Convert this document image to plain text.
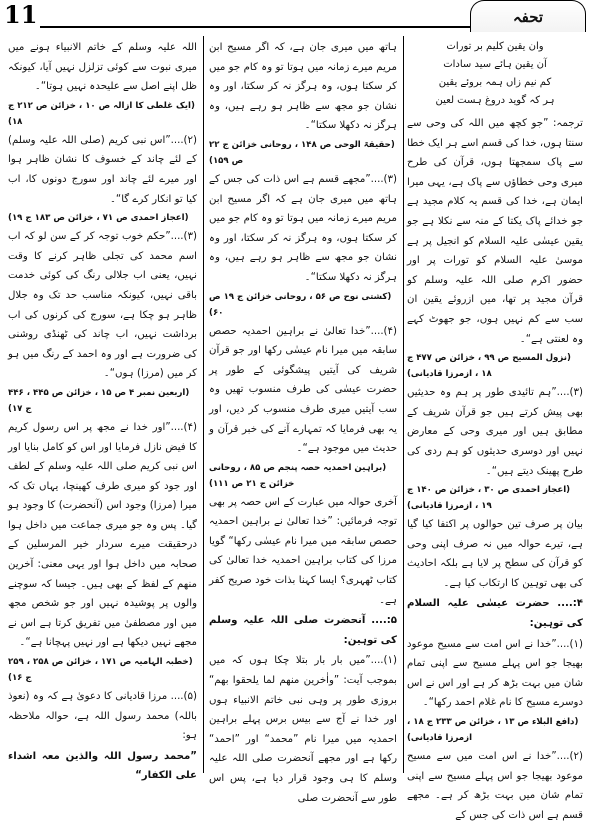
11	تحفہ
وان یقین کلیم بر تورات
آن یقین ہائے سید سادات
کم نیم زاں ہمہ بروئے یقین
ہر کہ گوید دروغ ہست لعین

ترجمہ: ”جو کچھ میں اللہ کی وحی سے سنتا ہوں، خدا کی قسم اسے ہر ایک خطا سے پاک سمجھتا ہوں، قرآن کی طرح میری وحی خطاؤں سے پاک ہے، یہی میرا ایمان ہے، خدا کی قسم یہ کلام مجید ہے جو خدائے پاک یکتا کے منہ سے نکلا ہے جو یقین عیسٰی علیہ السلام کو انجیل پر ہے موسیٰ علیہ السلام کو تورات پر اور حضور اکرم صلی اللہ علیہ وسلم کو قرآن مجید پر تھا، میں ازروئے یقین ان سب سے کم نہیں ہوں، جو جھوٹ کہے وہ لعنتی ہے“۔

(نزول المسیح ص ۹۹ ، خزائن ص ۴۷۷ ج ۱۸ ، ازمرزا قادیانی)

(۳)....”ہم تائیدی طور پر ہم وہ حدیثیں بھی پیش کرتے ہیں جو قرآن شریف کے مطابق ہیں اور میری وحی کے معارض نہیں اور دوسری حدیثوں کو ہم ردی کی طرح پھینک دیتے ہیں“۔

(اعجاز احمدی ص ۳۰ ، خزائن ص ۱۴۰ ج ۱۹ ، ازمرزا قادیانی)

بیان پر صرف تین حوالوں پر اکتفا کیا گیا ہے، تیرے حوالہ میں نہ صرف اپنی وحی کو قرآن کی سطح پر لایا ہے بلکہ احادیث کی بھی توہین کا ارتکاب کیا ہے۔

۴:.... حضرت عیسٰی علیہ السلام کی توہین:

(۱)....”خدا نے اس امت سے مسیح موعود بھیجا جو اس پہلے مسیح سے اپنی تمام شان میں بہت بڑھ کر ہے اور اس نے اس دوسرے مسیح کا نام غلام احمد رکھا“۔

(دافع البلاء ص ۱۳ ، خزائن ص ۲۳۳ ج ۱۸ ، ازمرزا قادیانی)

(۲)....”خدا نے اس امت میں سے مسیح موعود بھیجا جو اس پہلے مسیح سے اپنی تمام شان میں بہت بڑھ کر ہے۔ مجھے قسم ہے اس ذات کی جس کے

ہاتھ میں میری جان ہے، کہ اگر مسیح ابن مریم میرے زمانہ میں ہوتا تو وہ کام جو میں کر سکتا ہوں، وہ ہرگز نہ کر سکتا، اور وہ نشان جو مجھ سے ظاہر ہو رہے ہیں، وہ ہرگز نہ دکھلا سکتا“۔

(حقیقۃ الوحی ص ۱۴۸ ، روحانی خزائن ج ۲۲ ص ۱۵۹)

(۳)....”مجھے قسم ہے اس ذات کی جس کے ہاتھ میں میری جان ہے کہ اگر مسیح ابن مریم میرے زمانہ میں ہوتا تو وہ کام جو میں کر سکتا ہوں، وہ ہرگز نہ کر سکتا، اور وہ نشان جو مجھ سے ظاہر ہو رہے ہیں، وہ ہرگز نہ دکھلا سکتا“۔

(کشتی نوح ص ۵۶ ، روحانی خزائن ج ۱۹ ص ۶۰)

(۴)....”خدا تعالیٰ نے براہین احمدیہ حصص سابقہ میں میرا نام عیسٰی رکھا اور جو قرآن شریف کی آیتیں پیشگوئی کے طور پر حضرت عیسٰی کی طرف منسوب تھیں وہ سب آیتیں میری طرف منسوب کر دیں، اور یہ بھی فرمایا کہ تمہارے آنے کی خبر قرآن و حدیث میں موجود ہے“۔

(براہین احمدیہ حصہ پنجم ص ۸۵ ، روحانی خزائن ج ۲۱ ص ۱۱۱)

آخری حوالہ میں عبارت کے اس حصہ پر بھی توجہ فرمائیں: ”خدا تعالیٰ نے براہین احمدیہ حصص سابقہ میں میرا نام عیسٰی رکھا“ گویا مرزا کی کتاب براہین احمدیہ خدا تعالیٰ کی کتاب ٹھہری؟ ایسا کہنا بذات خود صریح کفر ہے۔

۵:.... آنحضرت صلی اللہ علیہ وسلم کی توہین:

(۱)....”میں بار بار بتلا چکا ہوں کہ میں بموجب آیت: ”واٰخرین منھم لما یلحقوا بھم“ بروزی طور پر وہی نبی خاتم الانبیاء ہوں اور خدا نے آج سے بیس برس پہلے براہین احمدیہ میں میرا نام ”محمد“ اور ”احمد“ رکھا ہے اور مجھے آنحضرت صلی اللہ علیہ وسلم کا ہی وجود قرار دیا ہے، پس اس طور سے آنحضرت صلی

اللہ علیہ وسلم کے خاتم الانبیاء ہونے میں میری نبوت سے کوئی تزلزل نہیں آیا، کیونکہ ظل اپنے اصل سے علیحدہ نہیں ہوتا“۔

(ایک غلطی کا ازالہ ص ۱۰ ، خزائن ص ۲۱۲ ج ۱۸)

(۲)....”اس نبی کریم (صلی اللہ علیہ وسلم) کے لئے چاند کے خسوف کا نشان ظاہر ہوا اور میرے لئے چاند اور سورج دونوں کا، اب کیا تو انکار کرے گا“۔

(اعجاز احمدی ص ۷۱ ، خزائن ص ۱۸۳ ج ۱۹)

(۳)....”حکم خوب توجہ کر کے سن لو کہ اب اسم محمد کی تجلی ظاہر کرنے کا وقت نہیں، یعنی اب جلالی رنگ کی کوئی خدمت باقی نہیں، کیونکہ مناسب حد تک وہ جلال ظاہر ہو چکا ہے، سورج کی کرنوں کی اب برداشت نہیں، اب چاند کی ٹھنڈی روشنی کی ضرورت ہے اور وہ احمد کے رنگ میں ہو کر میں (مرزا) ہوں“۔

(اربعین نمبر ۴ ص ۱۵ ، خزائن ص ۴۴۵ ، ۴۴۶ ج ۱۷)

(۴)....”اور خدا نے مجھ پر اس رسول کریم کا فیض نازل فرمایا اور اس کو کامل بنایا اور اس نبی کریم صلی اللہ علیہ وسلم کے لطف اور جود کو میری طرف کھینچا، یہاں تک کہ میرا (مرزا) وجود اس (آنحضرت) کا وجود ہو گیا۔ پس وہ جو میری جماعت میں داخل ہوا درحقیقت میرے سردار خیر المرسلین کے صحابہ میں داخل ہوا اور یہی معنی: آخرین منھم کے لفظ کے بھی ہیں۔ جیسا کہ سوچنے والوں پر پوشیدہ نہیں اور جو شخص مجھ میں اور مصطفیٰ میں تفریق کرتا ہے اس نے مجھے نہیں دیکھا ہے اور نہیں پہچانا ہے“۔

(خطبہ الہامیہ ص ۱۷۱ ، خزائن ص ۲۵۸ ، ۲۵۹ ج ۱۶)

(۵).... مرزا قادیانی کا دعویٰ ہے کہ وہ (نعوذ باللہ) محمد رسول اللہ ہے، حوالہ ملاحظہ ہو:

”محمد رسول اللہ والذین معہ اشداء علی الکفار“
